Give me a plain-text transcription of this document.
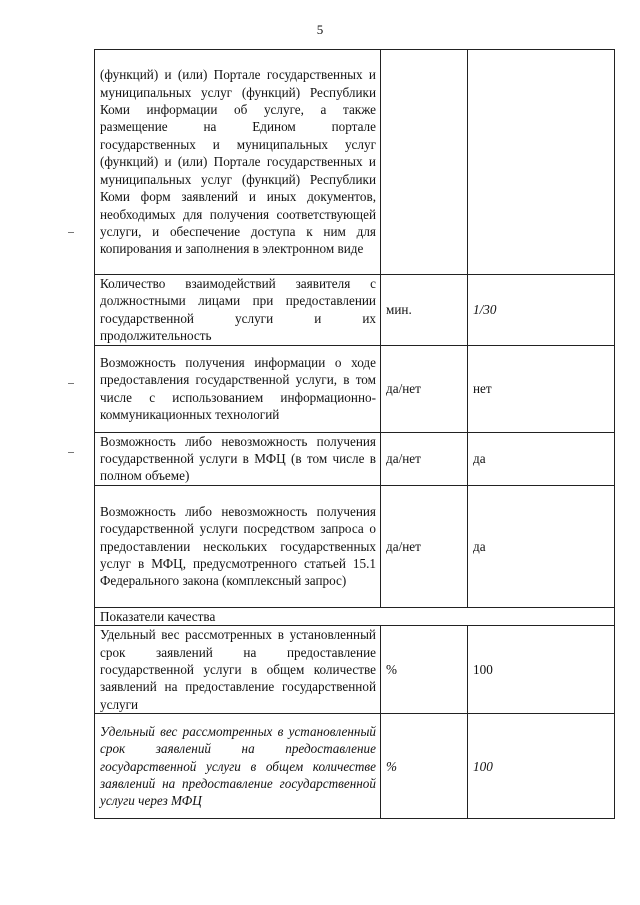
5
(функций) и (или) Портале государственных и муниципальных услуг (функций) Республики Коми информации об услуге, а также размещение на Едином портале государственных и муниципальных услуг (функций) и (или) Портале государственных и муниципальных услуг (функций) Республики Коми форм заявлений и иных документов, необходимых для получения соответствующей услуги, и обеспечение доступа к ним для копирования и заполнения в электронном виде		
Количество взаимодействий заявителя с должностными лицами при предоставлении государственной услуги и их продолжительность	мин.	1/30
Возможность получения информации о ходе предоставления государственной услуги, в том числе с использованием информационно-коммуникационных технологий	да/нет	нет
Возможность либо невозможность получения государственной услуги в МФЦ (в том числе в полном объеме)	да/нет	да
Возможность либо невозможность получения государственной услуги посредством запроса о предоставлении нескольких государственных услуг в МФЦ, предусмотренного статьей 15.1 Федерального закона (комплексный запрос)	да/нет	да
Показатели качества		
Удельный вес рассмотренных в установленный срок заявлений на предоставление государственной услуги в общем количестве заявлений на предоставление государственной услуги	%	100
Удельный вес рассмотренных в установленный срок заявлений на предоставление государственной услуги в общем количестве заявлений на предоставление государственной услуги через МФЦ	%	100
